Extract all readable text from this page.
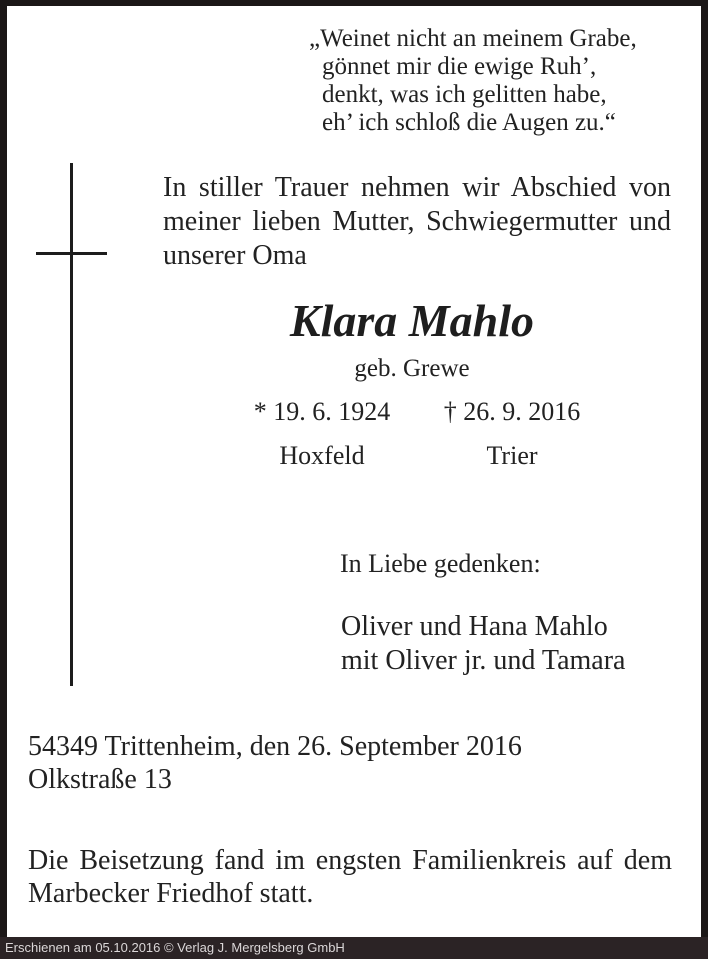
„Weinet nicht an meinem Grabe,
gönnet mir die ewige Ruh’,
denkt, was ich gelitten habe,
eh’ ich schloß die Augen zu.“
In stiller Trauer nehmen wir Abschied von
meiner lieben Mutter, Schwiegermutter und
unserer Oma
Klara Mahlo
geb. Grewe
* 19. 6. 1924	† 26. 9. 2016
Hoxfeld	Trier
In Liebe gedenken:
Oliver und Hana Mahlo
mit Oliver jr. und Tamara
54349 Trittenheim, den 26. September 2016
Olkstraße 13
Die Beisetzung fand im engsten Familienkreis auf dem
Marbecker Friedhof statt.
Erschienen am 05.10.2016 © Verlag J. Mergelsberg GmbH
